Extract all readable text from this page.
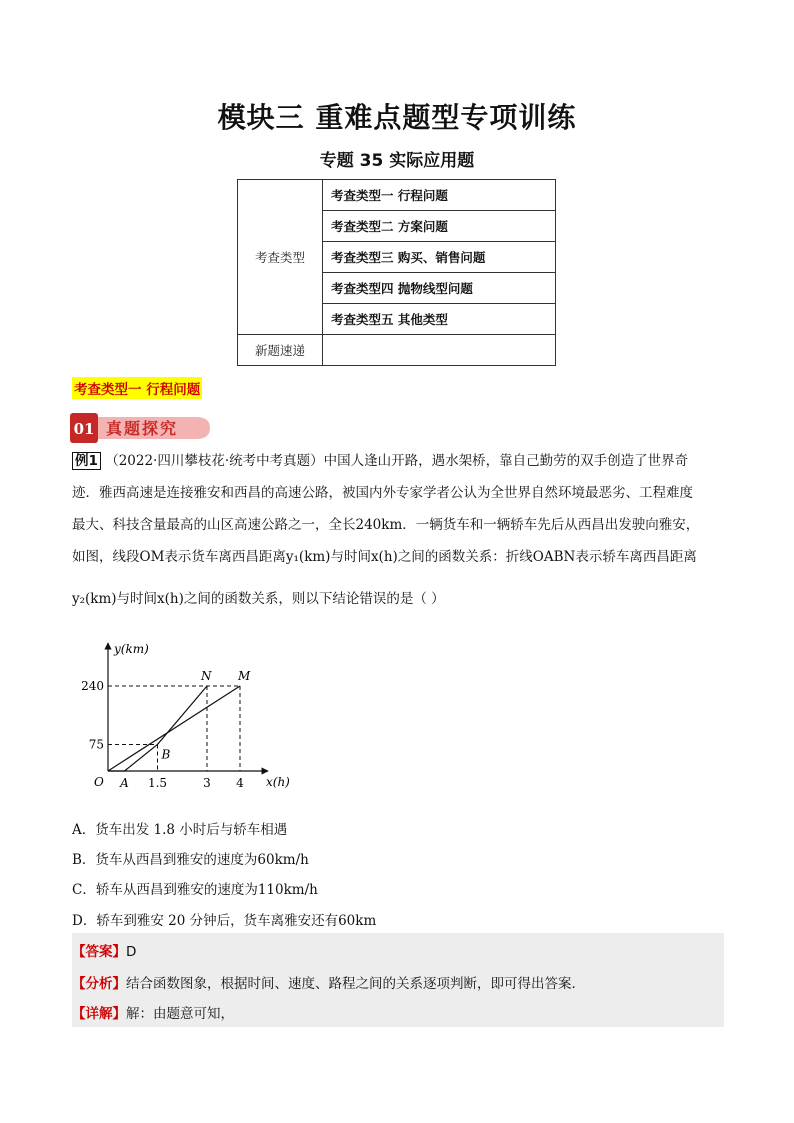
模块三 重难点题型专项训练
专题 35 实际应用题
考查类型	考查类型一 行程问题
	考查类型二 方案问题
	考查类型三 购买、销售问题
	考查类型四 抛物线型问题
	考查类型五 其他类型
新题速递	
考查类型一 行程问题
01 真题探究
例1 （2022·四川攀枝花·统考中考真题）中国人逢山开路，遇水架桥，靠自己勤劳的双手创造了世界奇
迹．雅西高速是连接雅安和西昌的高速公路，被国内外专家学者公认为全世界自然环境最恶劣、工程难度
最大、科技含量最高的山区高速公路之一，全长240km．一辆货车和一辆轿车先后从西昌出发驶向雅安，
如图，线段OM表示货车离西昌距离y₁(km)与时间x(h)之间的函数关系：折线OABN表示轿车离西昌距离
y₂(km)与时间x(h)之间的函数关系，则以下结论错误的是（ ）
y(km)
x(h)
O A 1.5	3 4
75
240
B
N M
A．货车出发 1.8 小时后与轿车相遇
B．货车从西昌到雅安的速度为60km/h
C．轿车从西昌到雅安的速度为110km/h
D．轿车到雅安 20 分钟后，货车离雅安还有60km
【答案】D
【分析】结合函数图象，根据时间、速度、路程之间的关系逐项判断，即可得出答案．
【详解】解：由题意可知，
